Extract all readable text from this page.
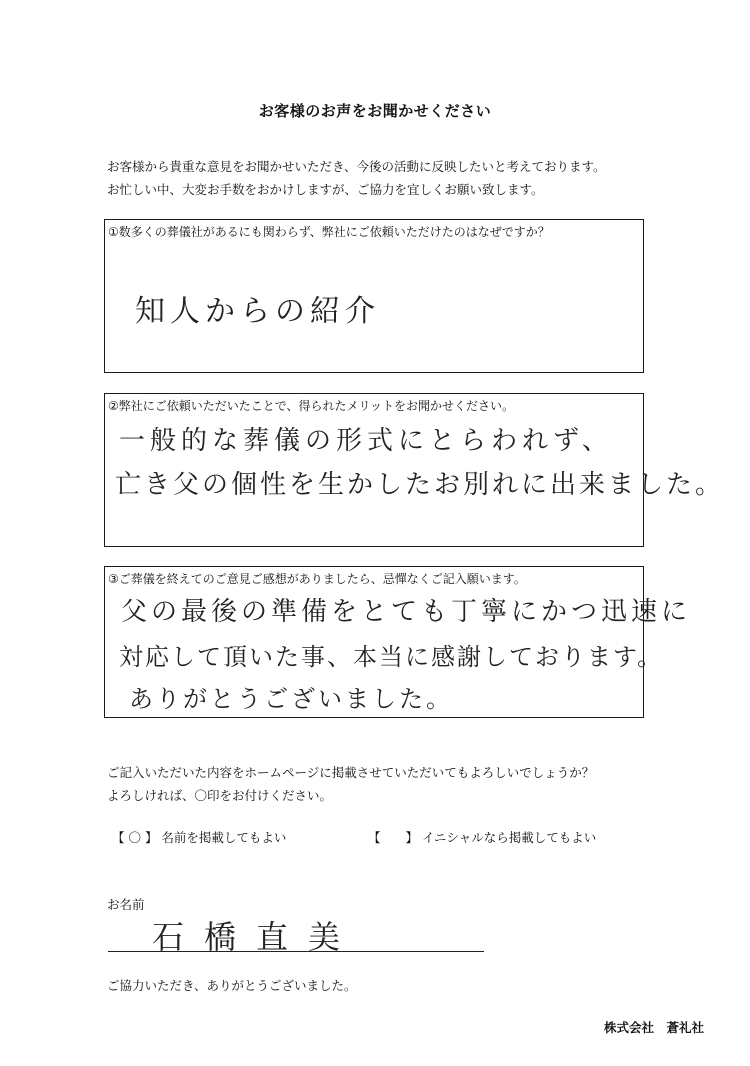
お客様のお声をお聞かせください
お客様から貴重な意見をお聞かせいただき、今後の活動に反映したいと考えております。
お忙しい中、大変お手数をおかけしますが、ご協力を宜しくお願い致します。
①数多くの葬儀社があるにも関わらず、弊社にご依頼いただけたのはなぜですか？
知人からの紹介
②弊社にご依頼いただいたことで、得られたメリットをお聞かせください。
一般的な葬儀の形式にとらわれず、
亡き父の個性を生かしたお別れに出来ました。
③ご葬儀を終えてのご意見ご感想がありましたら、忌憚なくご記入願います。
父の最後の準備をとても丁寧にかつ迅速に
対応して頂いた事、本当に感謝しております。
ありがとうございました。
ご記入いただいた内容をホームページに掲載させていただいてもよろしいでしょうか？
よろしければ、〇印をお付けください。
【 〇 】 名前を掲載してもよい	【　　】 イニシャルなら掲載してもよい
お名前
石橋直美
ご協力いただき、ありがとうございました。
株式会社　蒼礼社
